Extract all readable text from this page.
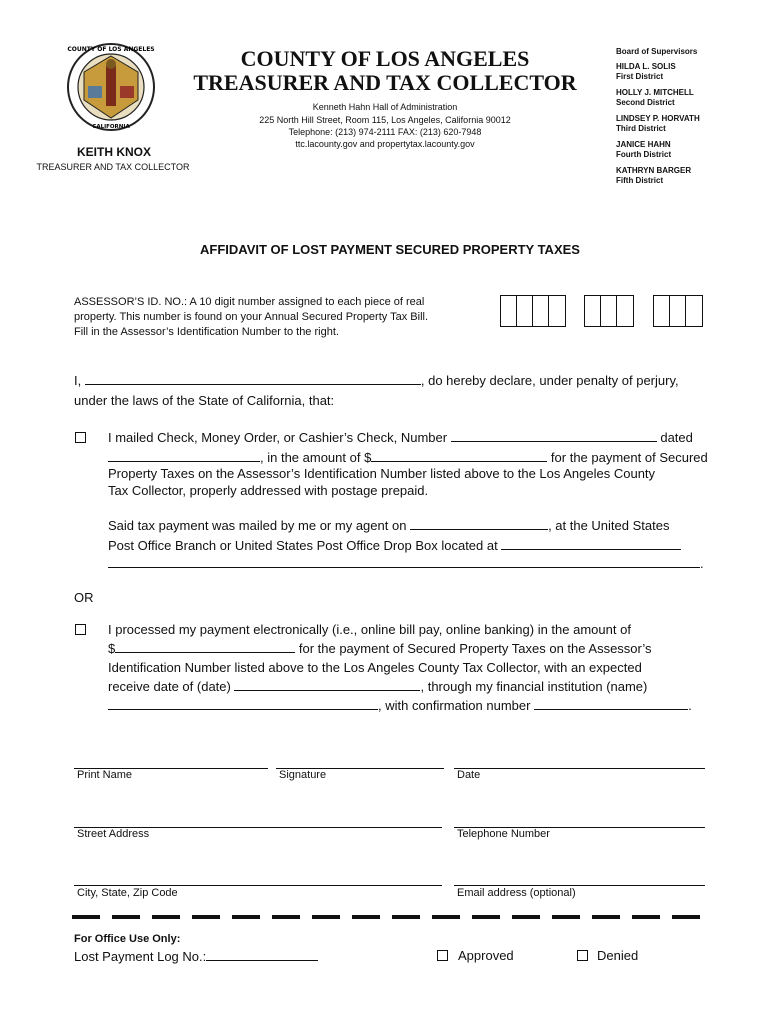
COUNTY OF LOS ANGELES
CALIFORNIA
COUNTY OF LOS ANGELES
TREASURER AND TAX COLLECTOR
Kenneth Hahn Hall of Administration
225 North Hill Street, Room 115, Los Angeles, California 90012
Telephone: (213) 974-2111 FAX: (213) 620-7948
ttc.lacounty.gov and propertytax.lacounty.gov
KEITH KNOX
TREASURER AND TAX COLLECTOR
Board of Supervisors
HILDA L. SOLIS
First District
HOLLY J. MITCHELL
Second District
LINDSEY P. HORVATH
Third District
JANICE HAHN
Fourth District
KATHRYN BARGER
Fifth District
AFFIDAVIT OF LOST PAYMENT SECURED PROPERTY TAXES
ASSESSOR’S ID. NO.: A 10 digit number assigned to each piece of real
property. This number is found on your Annual Secured Property Tax Bill.
Fill in the Assessor’s Identification Number to the right.
I,	, do hereby declare, under penalty of perjury,
under the laws of the State of California, that:
I mailed Check, Money Order, or Cashier’s Check, Number	dated
, in the amount of $	for the payment of Secured
Property Taxes on the Assessor’s Identification Number listed above to the Los Angeles County
Tax Collector, properly addressed with postage prepaid.
Said tax payment was mailed by me or my agent on	, at the United States
Post Office Branch or United States Post Office Drop Box located at
.
OR
I processed my payment electronically (i.e., online bill pay, online banking) in the amount of
$	for the payment of Secured Property Taxes on the Assessor’s
Identification Number listed above to the Los Angeles County Tax Collector, with an expected
receive date of (date)	, through my financial institution (name)
, with confirmation number	.
Print Name	Signature	Date
Street Address	Telephone Number
City, State, Zip Code	Email address (optional)
For Office Use Only:
Lost Payment Log No.:	Approved	Denied
